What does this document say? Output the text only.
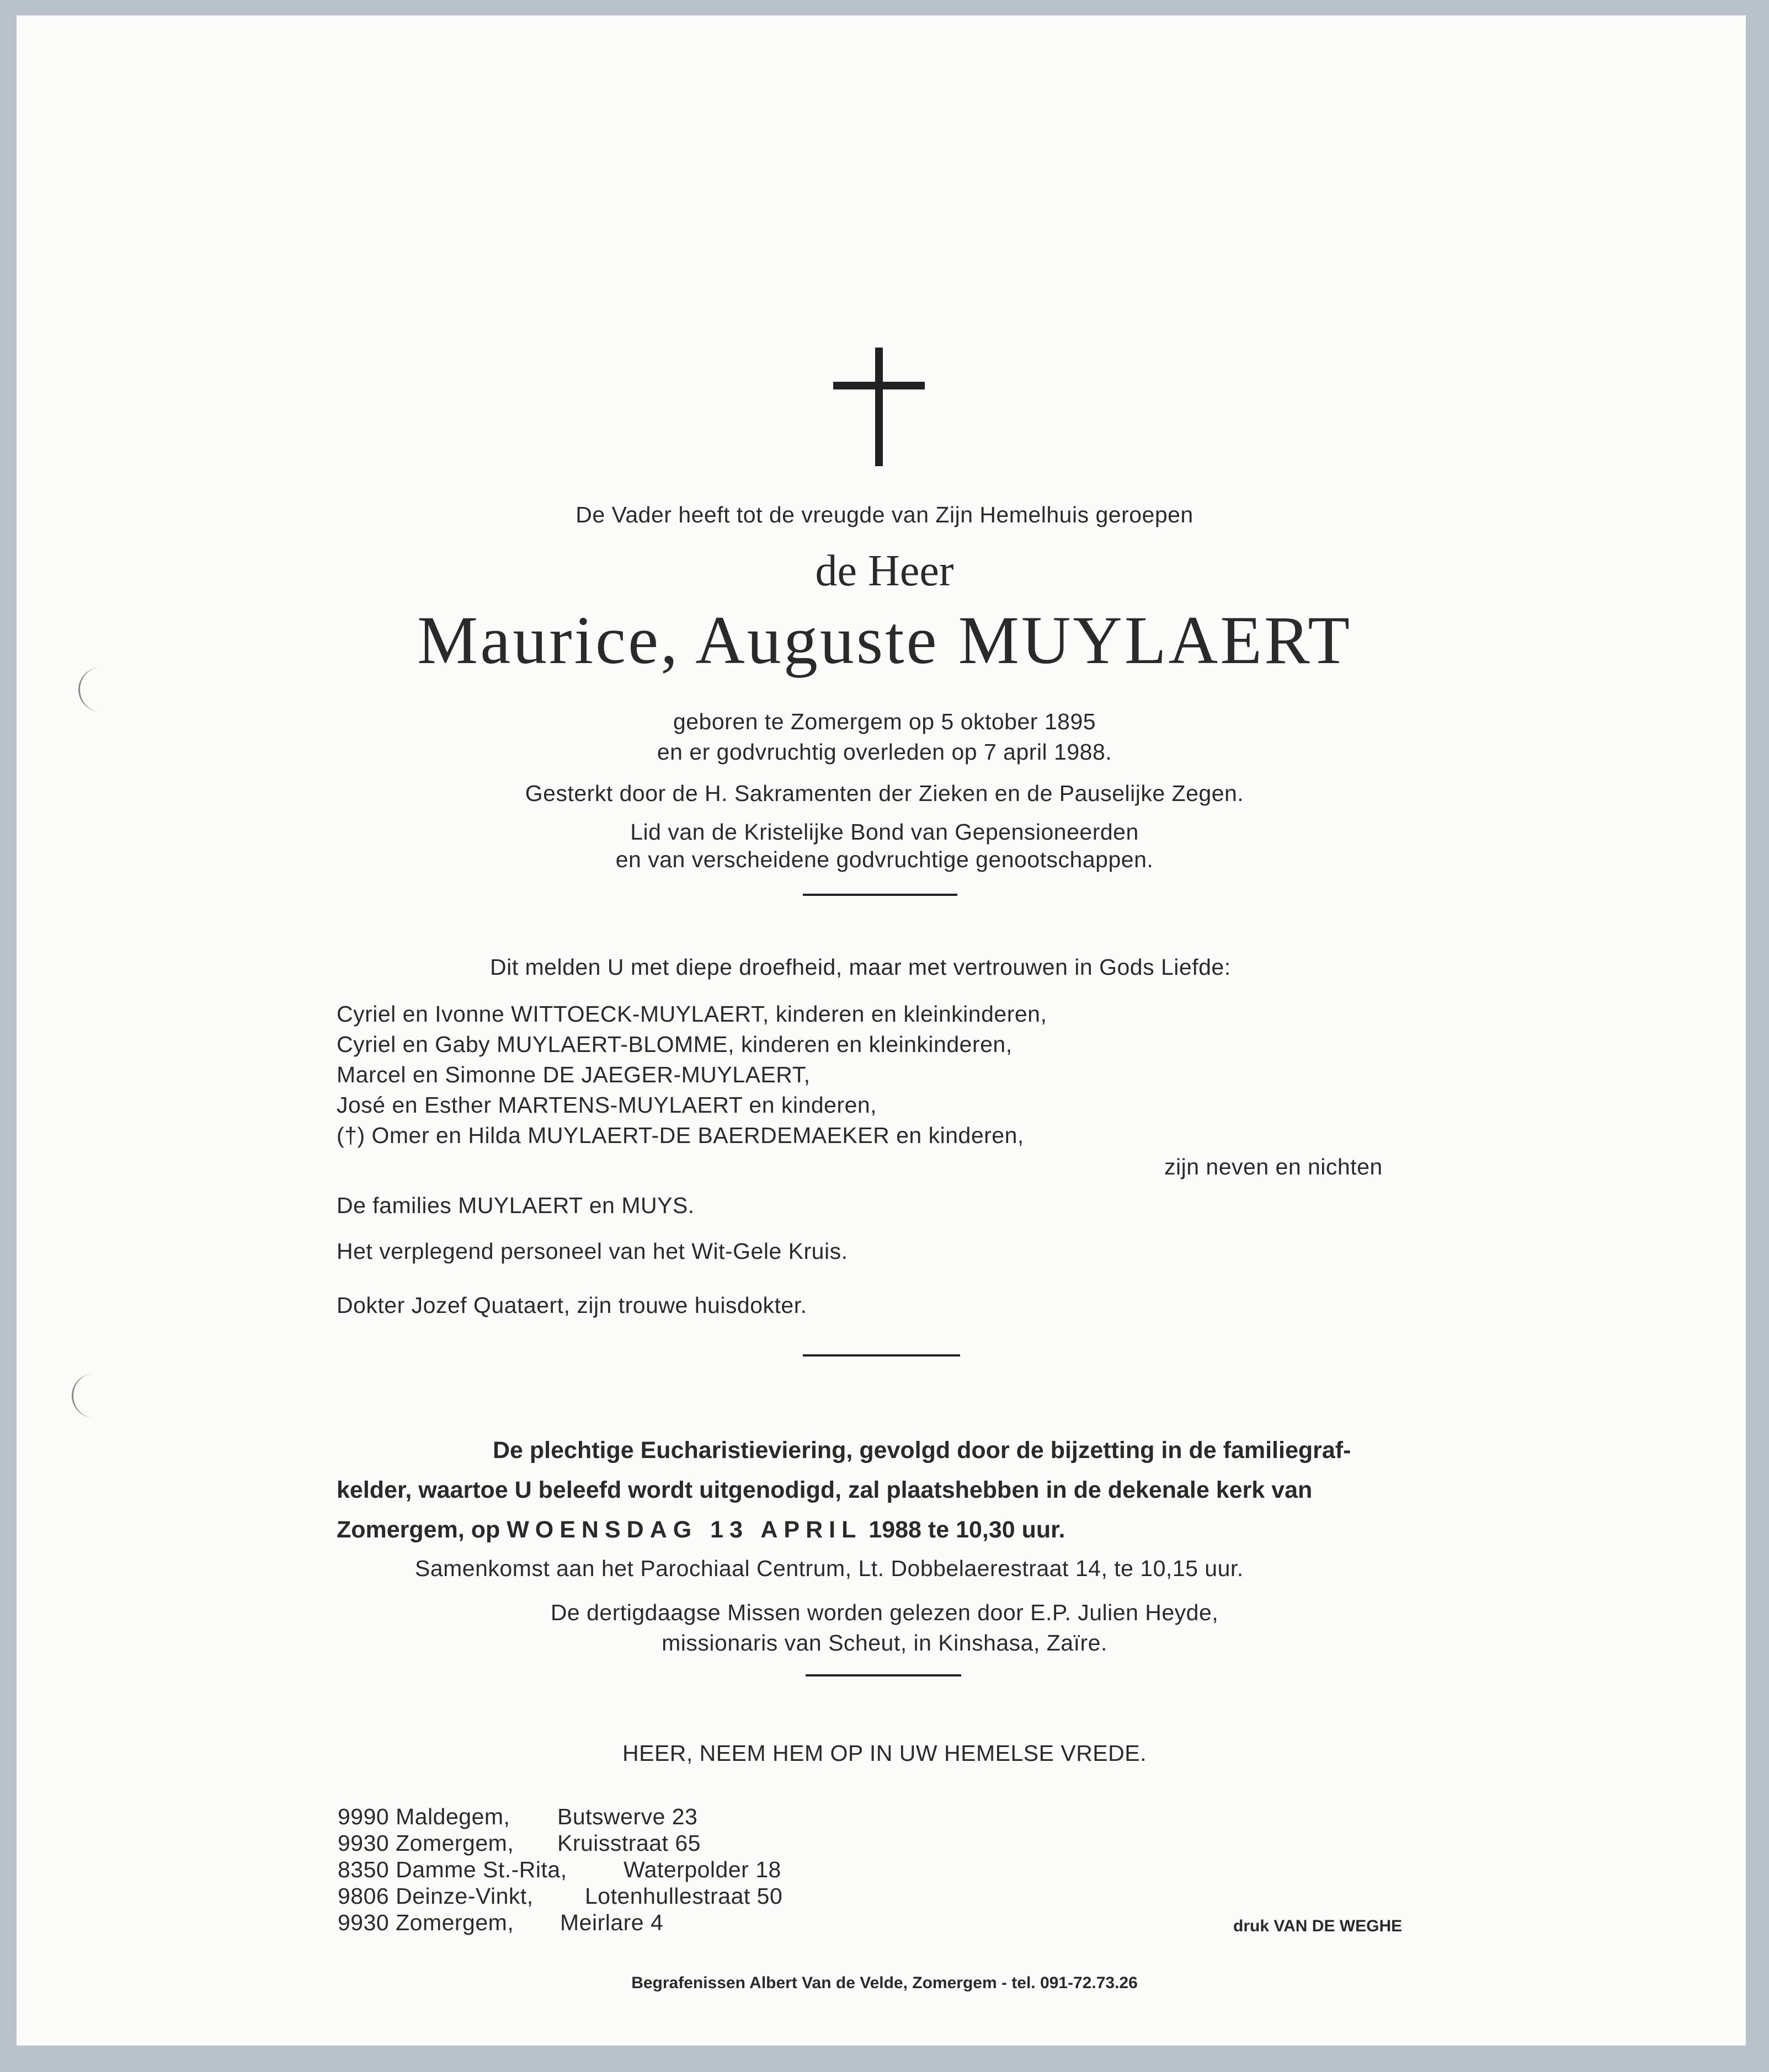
De Vader heeft tot de vreugde van Zijn Hemelhuis geroepen
de Heer
Maurice, Auguste MUYLAERT
geboren te Zomergem op 5 oktober 1895
en er godvruchtig overleden op 7 april 1988.
Gesterkt door de H. Sakramenten der Zieken en de Pauselijke Zegen.
Lid van de Kristelijke Bond van Gepensioneerden
en van verscheidene godvruchtige genootschappen.
Dit melden U met diepe droefheid, maar met vertrouwen in Gods Liefde:
Cyriel en Ivonne WITTOECK-MUYLAERT, kinderen en kleinkinderen,
Cyriel en Gaby MUYLAERT-BLOMME, kinderen en kleinkinderen,
Marcel en Simonne DE JAEGER-MUYLAERT,
José en Esther MARTENS-MUYLAERT en kinderen,
(†) Omer en Hilda MUYLAERT-DE BAERDEMAEKER en kinderen,
zijn neven en nichten
De families MUYLAERT en MUYS.
Het verplegend personeel van het Wit-Gele Kruis.
Dokter Jozef Quataert, zijn trouwe huisdokter.
De plechtige Eucharistieviering, gevolgd door de bijzetting in de familiegraf-
kelder, waartoe U beleefd wordt uitgenodigd, zal plaatshebben in de dekenale kerk van
Zomergem, op WOENSDAG 13 APRIL 1988 te 10,30 uur.
Samenkomst aan het Parochiaal Centrum, Lt. Dobbelaerestraat 14, te 10,15 uur.
De dertigdaagse Missen worden gelezen door E.P. Julien Heyde,
missionaris van Scheut, in Kinshasa, Zaïre.
HEER, NEEM HEM OP IN UW HEMELSE VREDE.
9990 Maldegem, Butswerve 23
9930 Zomergem, Kruisstraat 65
8350 Damme St.-Rita, Waterpolder 18
9806 Deinze-Vinkt, Lotenhullestraat 50
9930 Zomergem, Meirlare 4	druk VAN DE WEGHE
Begrafenissen Albert Van de Velde, Zomergem - tel. 091-72.73.26
